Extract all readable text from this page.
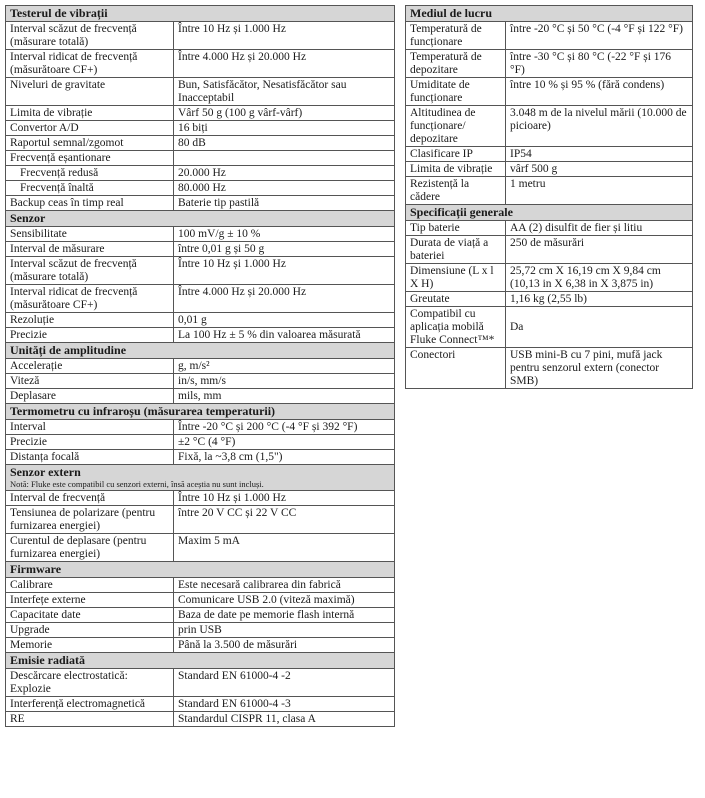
Testerul de vibrații	
Interval scăzut de frecvență (măsurare totală)	Între 10 Hz și 1.000 Hz
Interval ridicat de frecvență (măsurătoare CF+)	Între 4.000 Hz și 20.000 Hz
Niveluri de gravitate	Bun, Satisfăcător, Nesatisfăcător sau Inacceptabil
Limita de vibrație	Vârf 50 g (100 g vârf-vârf)
Convertor A/D	16 biți
Raportul semnal/zgomot	80 dB
Frecvență eșantionare	
Frecvență redusă	20.000 Hz
Frecvență înaltă	80.000 Hz
Backup ceas în timp real	Baterie tip pastilă
Senzor	
Sensibilitate	100 mV/g ± 10 %
Interval de măsurare	între 0,01 g și 50 g
Interval scăzut de frecvență (măsurare totală)	Între 10 Hz și 1.000 Hz
Interval ridicat de frecvență (măsurătoare CF+)	Între 4.000 Hz și 20.000 Hz
Rezoluție	0,01 g
Precizie	La 100 Hz ± 5 % din valoarea măsurată
Unități de amplitudine	
Accelerație	g, m/s²
Viteză	in/s, mm/s
Deplasare	mils, mm
Termometru cu infraroșu (măsurarea temperaturii)	
Interval	Între -20 °C și 200 °C (-4 °F și 392 °F)
Precizie	±2 °C (4 °F)
Distanța focală	Fixă, la ~3,8 cm (1,5")
Senzor extern
Notă: Fluke este compatibil cu senzori externi, însă aceștia nu sunt incluși.	

Interval de frecvență	Între 10 Hz și 1.000 Hz
Tensiunea de polarizare (pentru furnizarea energiei)	între 20 V CC și 22 V CC
Curentul de deplasare (pentru furnizarea energiei)	Maxim 5 mA
Firmware	
Calibrare	Este necesară calibrarea din fabrică
Interfețe externe	Comunicare USB 2.0 (viteză maximă)
Capacitate date	Baza de date pe memorie flash internă
Upgrade	prin USB
Memorie	Până la 3.500 de măsurări
Emisie radiată	
Descărcare electrostatică: Explozie	Standard EN 61000-4 -2
Interferență electromagnetică	Standard EN 61000-4 -3
RE	Standardul CISPR 11, clasa A
Mediul de lucru	
Temperatură de funcționare	între -20 °C și 50 °C (-4 °F și 122 °F)
Temperatură de depozitare	între -30 °C și 80 °C (-22 °F și 176 °F)
Umiditate de funcționare	între 10 % și 95 % (fără condens)
Altitudinea de funcționare/ depozitare	3.048 m de la nivelul mării (10.000 de picioare)
Clasificare IP	IP54
Limita de vibrație	vârf 500 g
Rezistență la cădere	1 metru
Specificații generale	
Tip baterie	AA (2) disulfit de fier și litiu
Durata de viață a bateriei	250 de măsurări
Dimensiune (L x l X H)	25,72 cm X 16,19 cm X 9,84 cm (10,13 in X 6,38 in X 3,875 in)
Greutate	1,16 kg (2,55 lb)
Compatibil cu aplicația mobilă Fluke Connect™*	Da
Conectori	USB mini-B cu 7 pini, mufă jack pentru senzorul extern (conector SMB)
